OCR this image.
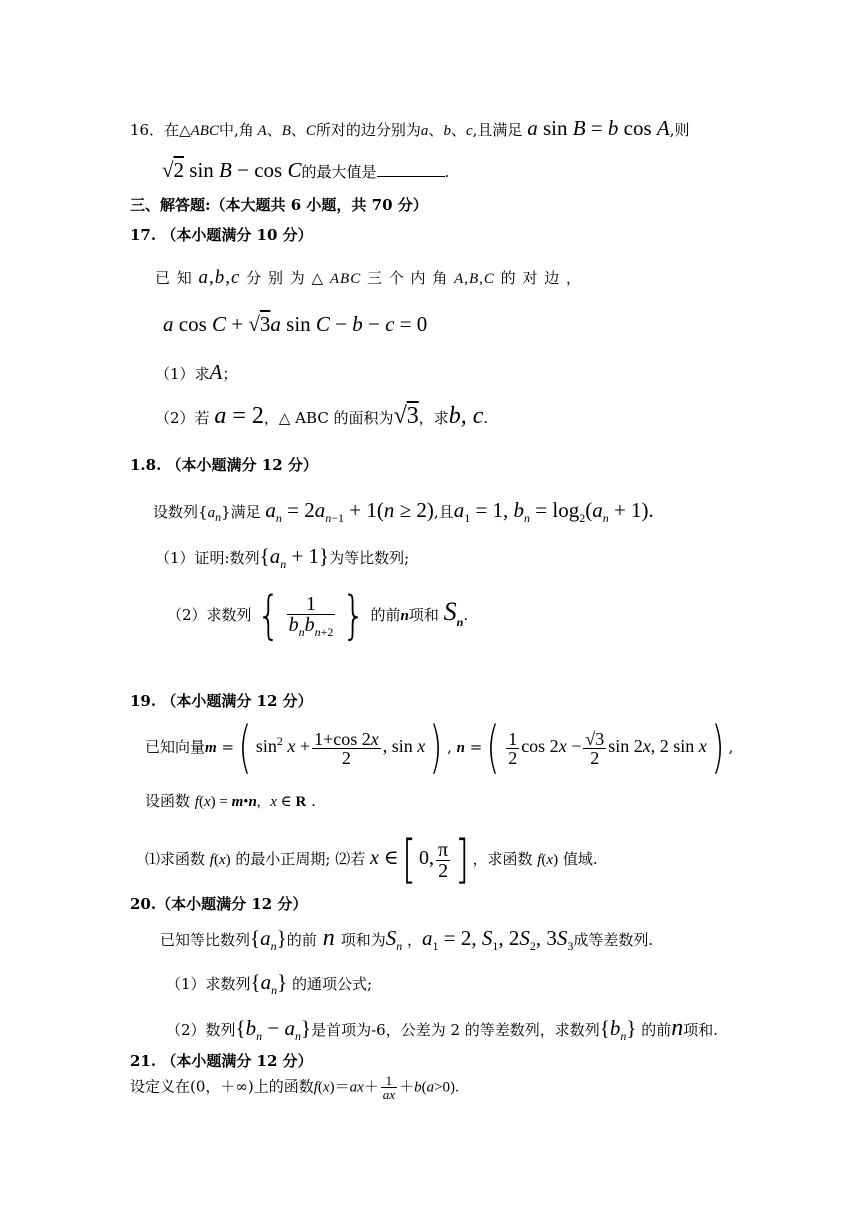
16．在△ABC中,角 A、B、C所对的边分别为a、b、c,且满足 a sin B = b cos A,则
√2 sin B − cos C的最大值是	.
三、解答题:（本大题共 6 小题，共 70 分）
17. （本小题满分 10 分）
已 知 a,b,c 分 别 为 △ ABC 三 个 内 角 A,B,C 的 对 边 ，
a cos C + √3a sin C − b − c = 0
（1）求A；
（2）若 a = 2，△ ABC 的面积为√3，求b, c.
1.8. （本小题满分 12 分）
设数列$\{a_n\}$满足 $a_n = 2a_{n-1} + 1(n \ge 2)$,且$a_1 = 1$, $b_n = \log_2(a_n + 1)$.
（1）证明:数列$\{a_n + 1\}$为等比数列;
（2）求数列{ $\frac{1}{b_nb_{n+2}}$ } 的前n项和 $S_n$.
19. （本小题满分 12 分）
已知向量m =( $\sin^2 x + \frac{1+\cos 2x}{2}$ , sin x) , n =( $\frac{1}{2}$ $\cos 2x - \frac{√3}{2}$ sin 2x, 2 sin x) ,
设函数 f(x) = m•n, x ∈ R .
⑴求函数 f(x) 的最小正周期; ⑵若 x ∈[ 0, $\frac{\pi}{2}$ ] ，求函数 f(x) 值域.
20.（本小题满分 12 分）
已知等比数列$\{a_n\}$的前 n 项和为$S_n$ ，$a_1 = 2$, $S_1$, $2S_2$, $3S_3$成等差数列.
（1）求数列$\{a_n\}$ 的通项公式;
（2）数列$\{b_n - a_n\}$是首项为-6，公差为 2 的等差数列，求数列$\{b_n\}$ 的前n项和.
21. （本小题满分 12 分）
设定义在(0，＋∞)上的函数$f(x)=ax+ \frac{1}{ax} +b(a>0)$.
